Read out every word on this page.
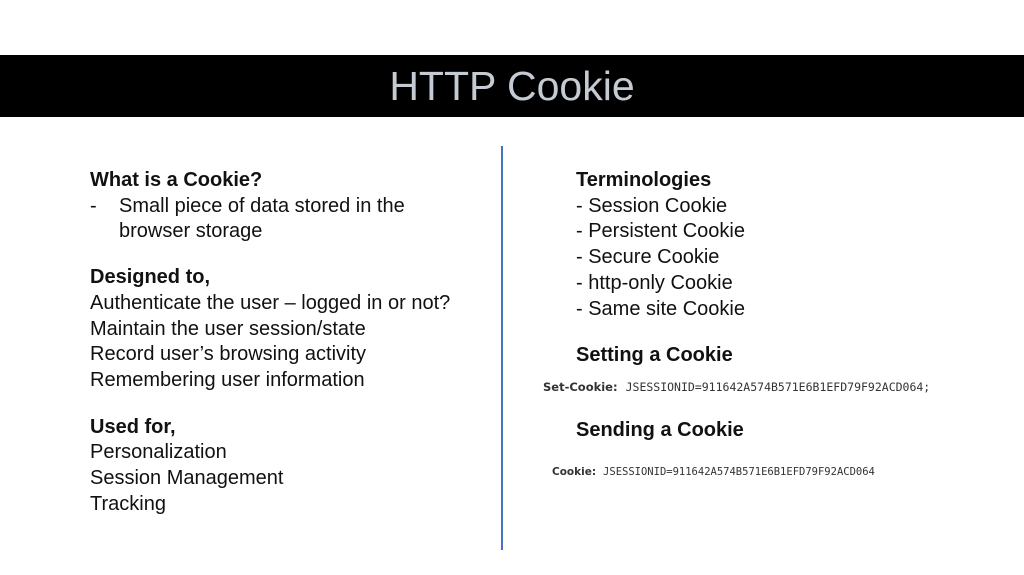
HTTP Cookie
What is a Cookie?
-	Small piece of data stored in the
browser storage
Designed to,
Authenticate the user – logged in or not?
Maintain the user session/state
Record user’s browsing activity
Remembering user information
Used for,
Personalization
Session Management
Tracking
Terminologies
- Session Cookie
- Persistent Cookie
- Secure Cookie
- http-only Cookie
- Same site Cookie
Setting a Cookie
Set-Cookie: JSESSIONID=911642A574B571E6B1EFD79F92ACD064;
Sending a Cookie
Cookie: JSESSIONID=911642A574B571E6B1EFD79F92ACD064
